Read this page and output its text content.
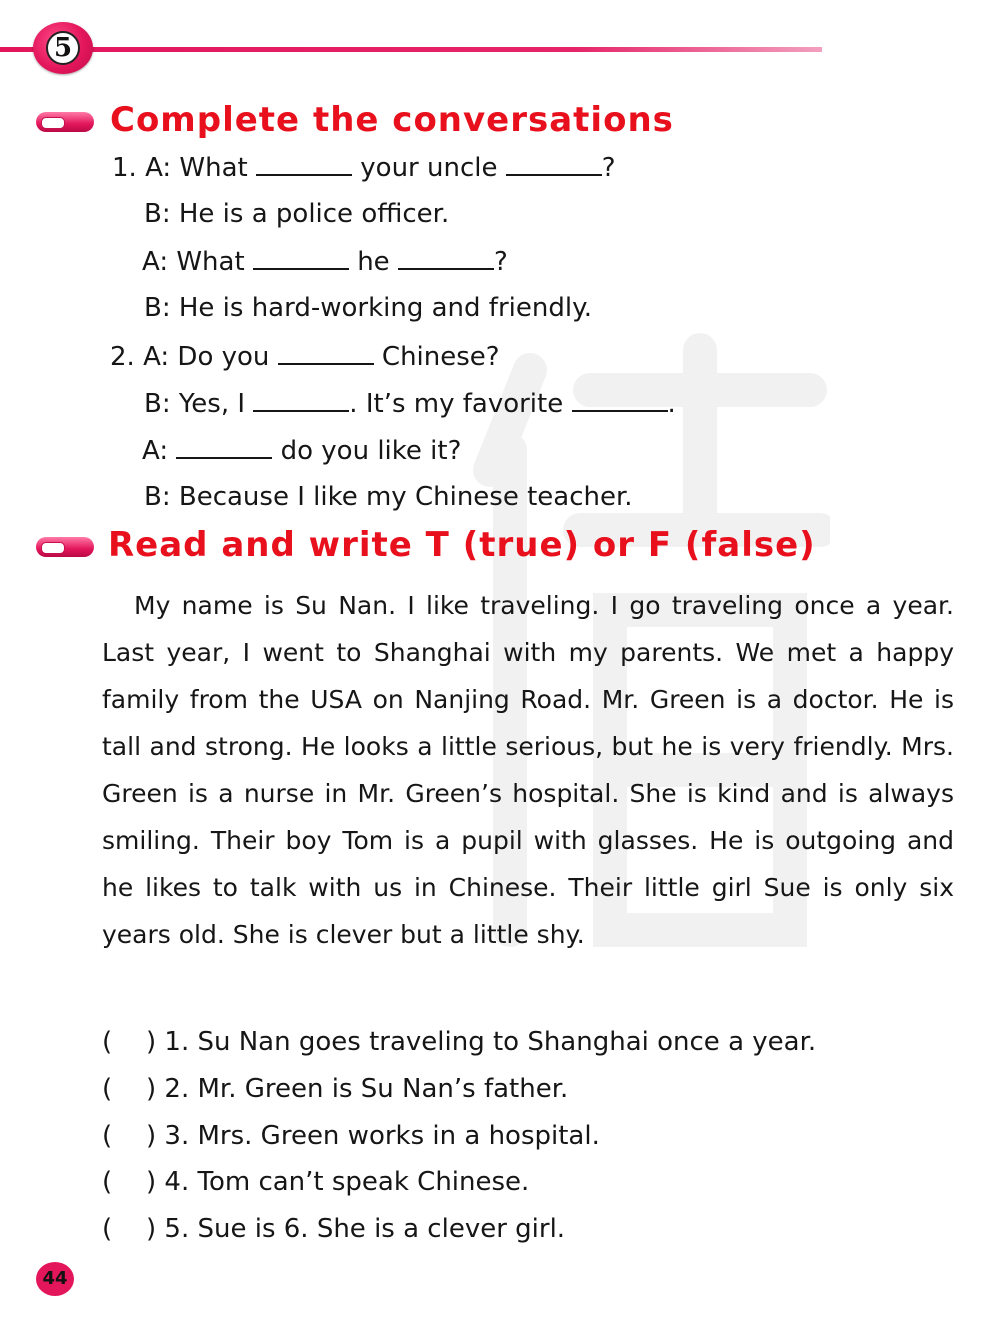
5
Complete the conversations

1. A: What	your uncle	?

B: He is a police officer.

A: What	he	?

B: He is hard-working and friendly.

2. A: Do you	Chinese?

B: Yes, I	. It’s my favorite	.

A:	do you like it?

B: Because I like my Chinese teacher.

Read and write T (true) or F (false)

My name is Su Nan. I like traveling. I go traveling once a year. Last year, I went to Shanghai with my parents. We met a happy family from the USA on Nanjing Road. Mr. Green is a doctor. He is tall and strong. He looks a little serious, but he is very friendly. Mrs. Green is a nurse in Mr. Green’s hospital. She is kind and is always smiling. Their boy Tom is a pupil with glasses. He is outgoing and he likes to talk with us in Chinese. Their little girl Sue is only six years old. She is clever but a little shy.

( ) 1. Su Nan goes traveling to Shanghai once a year.

( ) 2. Mr. Green is Su Nan’s father.

( ) 3. Mrs. Green works in a hospital.

( ) 4. Tom can’t speak Chinese.

( ) 5. Sue is 6. She is a clever girl.

44
